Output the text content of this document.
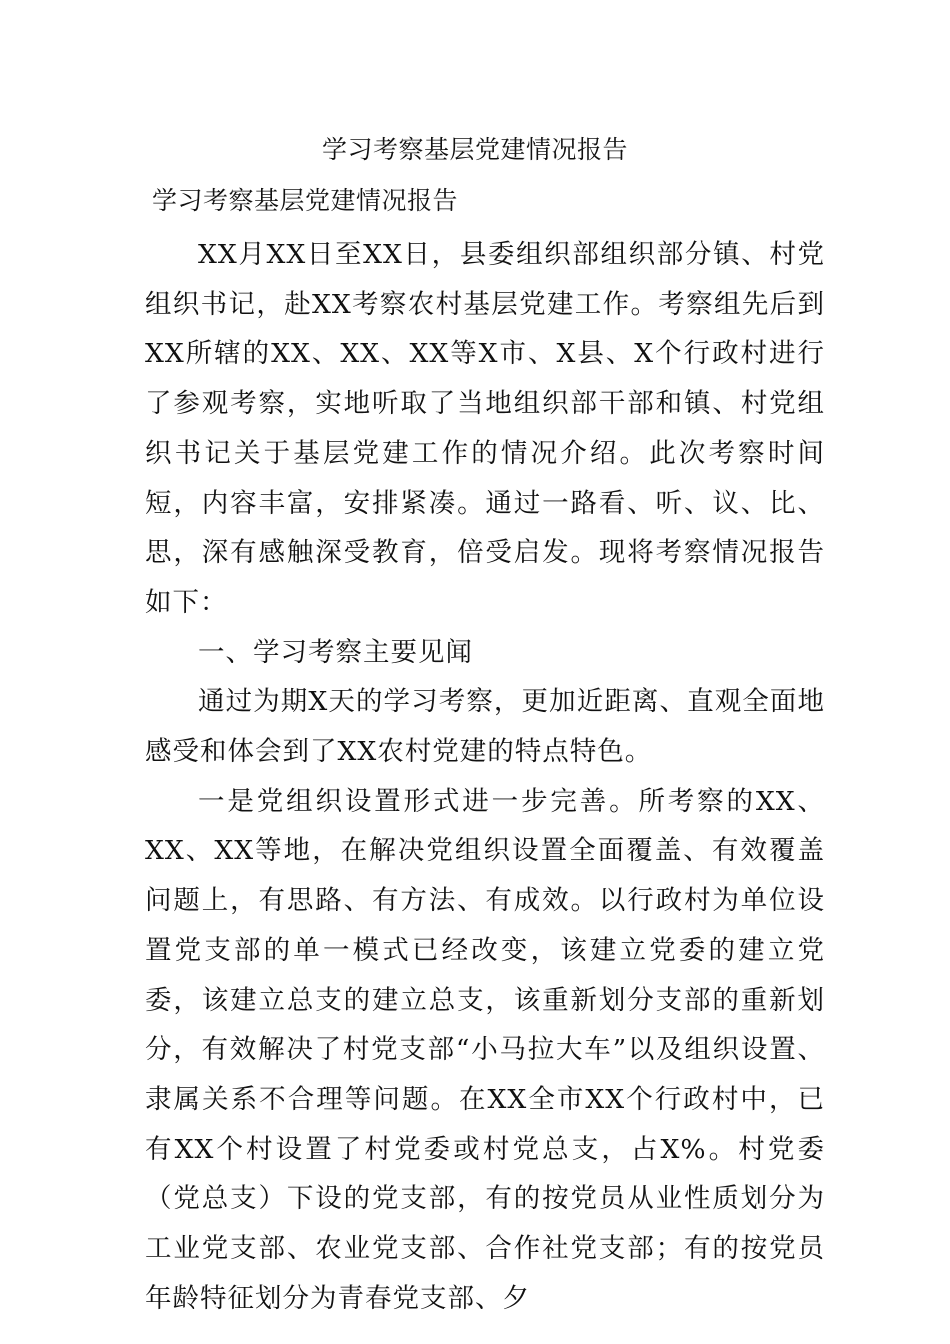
学习考察基层党建情况报告
学习考察基层党建情况报告

XX月XX日至XX日，县委组织部组织部分镇、村党组织书记，赴XX考察农村基层党建工作。考察组先后到XX所辖的XX、XX、XX等X市、X县、X个行政村进行了参观考察，实地听取了当地组织部干部和镇、村党组织书记关于基层党建工作的情况介绍。此次考察时间短，内容丰富，安排紧凑。通过一路看、听、议、比、思，深有感触深受教育，倍受启发。现将考察情况报告如下：

一、学习考察主要见闻

通过为期X天的学习考察，更加近距离、直观全面地感受和体会到了XX农村党建的特点特色。

一是党组织设置形式进一步完善。所考察的XX、XX、XX等地，在解决党组织设置全面覆盖、有效覆盖问题上，有思路、有方法、有成效。以行政村为单位设置党支部的单一模式已经改变，该建立党委的建立党委，该建立总支的建立总支，该重新划分支部的重新划分，有效解决了村党支部“小马拉大车”以及组织设置、隶属关系不合理等问题。在XX全市XX个行政村中，已有XX个村设置了村党委或村党总支，占X%。村党委（党总支）下设的党支部，有的按党员从业性质划分为工业党支部、农业党支部、合作社党支部；有的按党员年龄特征划分为青春党支部、夕
